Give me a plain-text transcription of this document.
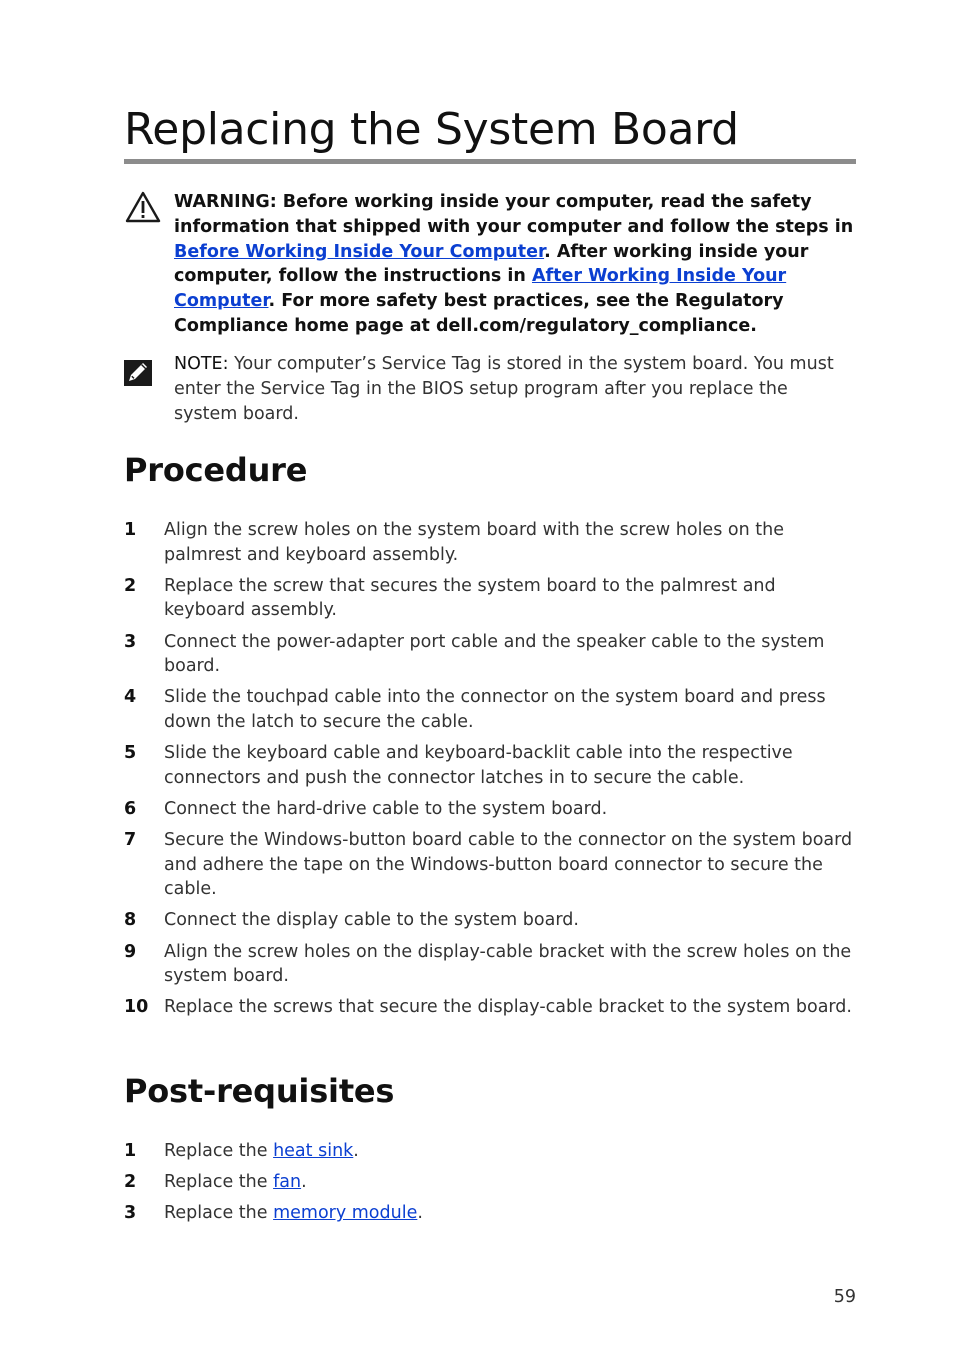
Replacing the System Board
WARNING: Before working inside your computer, read the safety information that shipped with your computer and follow the steps in Before Working Inside Your Computer. After working inside your computer, follow the instructions in After Working Inside Your Computer. For more safety best practices, see the Regulatory Compliance home page at dell.com/regulatory_compliance.
NOTE: Your computer’s Service Tag is stored in the system board. You must enter the Service Tag in the BIOS setup program after you replace the system board.
Procedure
1 Align the screw holes on the system board with the screw holes on the palmrest and keyboard assembly.
2 Replace the screw that secures the system board to the palmrest and keyboard assembly.
3 Connect the power-adapter port cable and the speaker cable to the system board.
4 Slide the touchpad cable into the connector on the system board and press down the latch to secure the cable.
5 Slide the keyboard cable and keyboard-backlit cable into the respective connectors and push the connector latches in to secure the cable.
6 Connect the hard-drive cable to the system board.
7 Secure the Windows-button board cable to the connector on the system board and adhere the tape on the Windows-button board connector to secure the cable.
8 Connect the display cable to the system board.
9 Align the screw holes on the display-cable bracket with the screw holes on the system board.
10 Replace the screws that secure the display-cable bracket to the system board.
Post-requisites
1 Replace the heat sink.
2 Replace the fan.
3 Replace the memory module.
59
